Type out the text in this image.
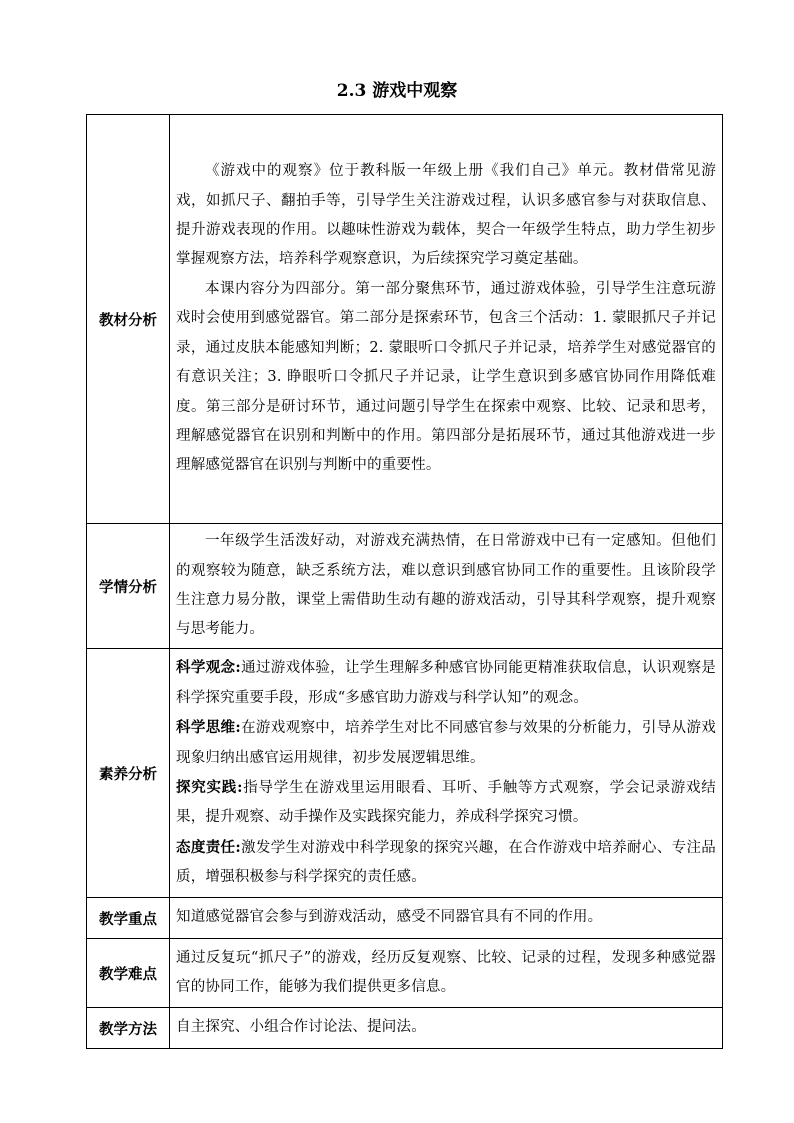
2.3 游戏中观察
教材分析	《游戏中的观察》位于教科版一年级上册《我们自己》单元。教材借常见游戏，如抓尺子、翻拍手等，引导学生关注游戏过程，认识多感官参与对获取信息、提升游戏表现的作用。以趣味性游戏为载体，契合一年级学生特点，助力学生初步掌握观察方法，培养科学观察意识，为后续探究学习奠定基础。

本课内容分为四部分。第一部分聚焦环节，通过游戏体验，引导学生注意玩游戏时会使用到感觉器官。第二部分是探索环节，包含三个活动：1. 蒙眼抓尺子并记录，通过皮肤本能感知判断；2. 蒙眼听口令抓尺子并记录，培养学生对感觉器官的有意识关注；3. 睁眼听口令抓尺子并记录，让学生意识到多感官协同作用降低难度。第三部分是研讨环节，通过问题引导学生在探索中观察、比较、记录和思考，理解感觉器官在识别和判断中的作用。第四部分是拓展环节，通过其他游戏进一步理解感觉器官在识别与判断中的重要性。

学情分析	一年级学生活泼好动，对游戏充满热情，在日常游戏中已有一定感知。但他们的观察较为随意，缺乏系统方法，难以意识到感官协同工作的重要性。且该阶段学生注意力易分散，课堂上需借助生动有趣的游戏活动，引导其科学观察，提升观察与思考能力。

素养分析	科学观念:通过游戏体验，让学生理解多种感官协同能更精准获取信息，认识观察是科学探究重要手段，形成“多感官助力游戏与科学认知”的观念。

科学思维:在游戏观察中，培养学生对比不同感官参与效果的分析能力，引导从游戏现象归纳出感官运用规律，初步发展逻辑思维。

探究实践:指导学生在游戏里运用眼看、耳听、手触等方式观察，学会记录游戏结果，提升观察、动手操作及实践探究能力，养成科学探究习惯。

态度责任:激发学生对游戏中科学现象的探究兴趣，在合作游戏中培养耐心、专注品质，增强积极参与科学探究的责任感。

教学重点	知道感觉器官会参与到游戏活动，感受不同器官具有不同的作用。

教学难点	通过反复玩“抓尺子”的游戏，经历反复观察、比较、记录的过程，发现多种感觉器官的协同工作，能够为我们提供更多信息。

教学方法	自主探究、小组合作讨论法、提问法。
